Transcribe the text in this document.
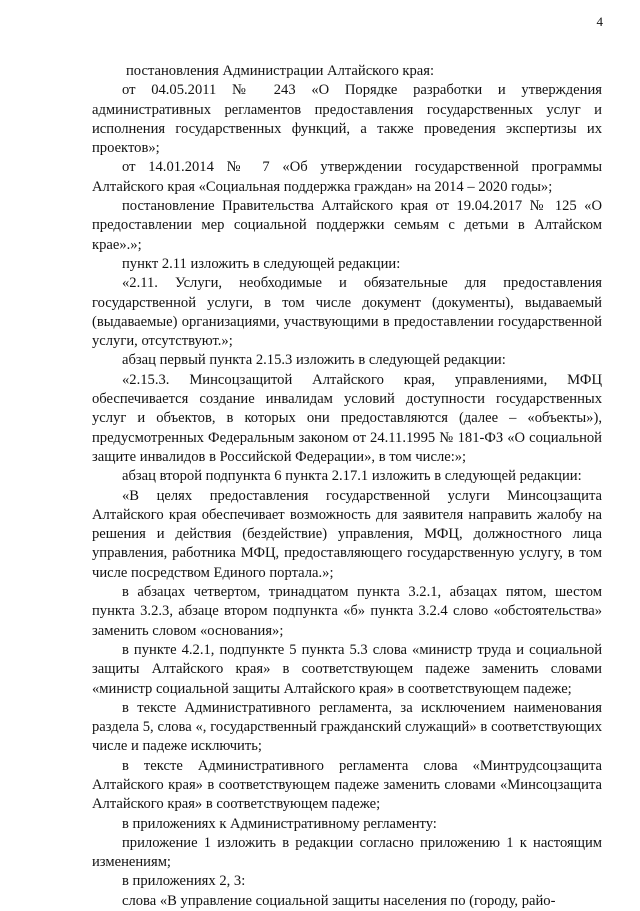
4

постановления Администрации Алтайского края:

от 04.05.2011 № 243 «О Порядке разработки и утверждения административных регламентов предоставления государственных услуг и исполнения государственных функций, а также проведения экспертизы их проектов»;

от 14.01.2014 № 7 «Об утверждении государственной программы Алтайского края «Социальная поддержка граждан» на 2014 – 2020 годы»;

постановление Правительства Алтайского края от 19.04.2017 № 125 «О предоставлении мер социальной поддержки семьям с детьми в Алтайском крае».»;

пункт 2.11 изложить в следующей редакции:

«2.11. Услуги, необходимые и обязательные для предоставления государственной услуги, в том числе документ (документы), выдаваемый (выдаваемые) организациями, участвующими в предоставлении государственной услуги, отсутствуют.»;

абзац первый пункта 2.15.3 изложить в следующей редакции:

«2.15.3. Минсоцзащитой Алтайского края, управлениями, МФЦ обеспечивается создание инвалидам условий доступности государственных услуг и объектов, в которых они предоставляются (далее – «объекты»), предусмотренных Федеральным законом от 24.11.1995 № 181-ФЗ «О социальной защите инвалидов в Российской Федерации», в том числе:»;

абзац второй подпункта 6 пункта 2.17.1 изложить в следующей редакции:

«В целях предоставления государственной услуги Минсоцзащита Алтайского края обеспечивает возможность для заявителя направить жалобу на решения и действия (бездействие) управления, МФЦ, должностного лица управления, работника МФЦ, предоставляющего государственную услугу, в том числе посредством Единого портала.»;

в абзацах четвертом, тринадцатом пункта 3.2.1, абзацах пятом, шестом пункта 3.2.3, абзаце втором подпункта «б» пункта 3.2.4 слово «обстоятельства» заменить словом «основания»;

в пункте 4.2.1, подпункте 5 пункта 5.3 слова «министр труда и социальной защиты Алтайского края» в соответствующем падеже заменить словами «министр социальной защиты Алтайского края» в соответствующем падеже;

в тексте Административного регламента, за исключением наименования раздела 5, слова «, государственный гражданский служащий» в соответствующих числе и падеже исключить;

в тексте Административного регламента слова «Минтрудсоцзащита Алтайского края» в соответствующем падеже заменить словами «Минсоцзащита Алтайского края» в соответствующем падеже;

в приложениях к Административному регламенту:

приложение 1 изложить в редакции согласно приложению 1 к настоящим изменениям;

в приложениях 2, 3:

слова «В управление социальной защиты населения по (городу, райо-
